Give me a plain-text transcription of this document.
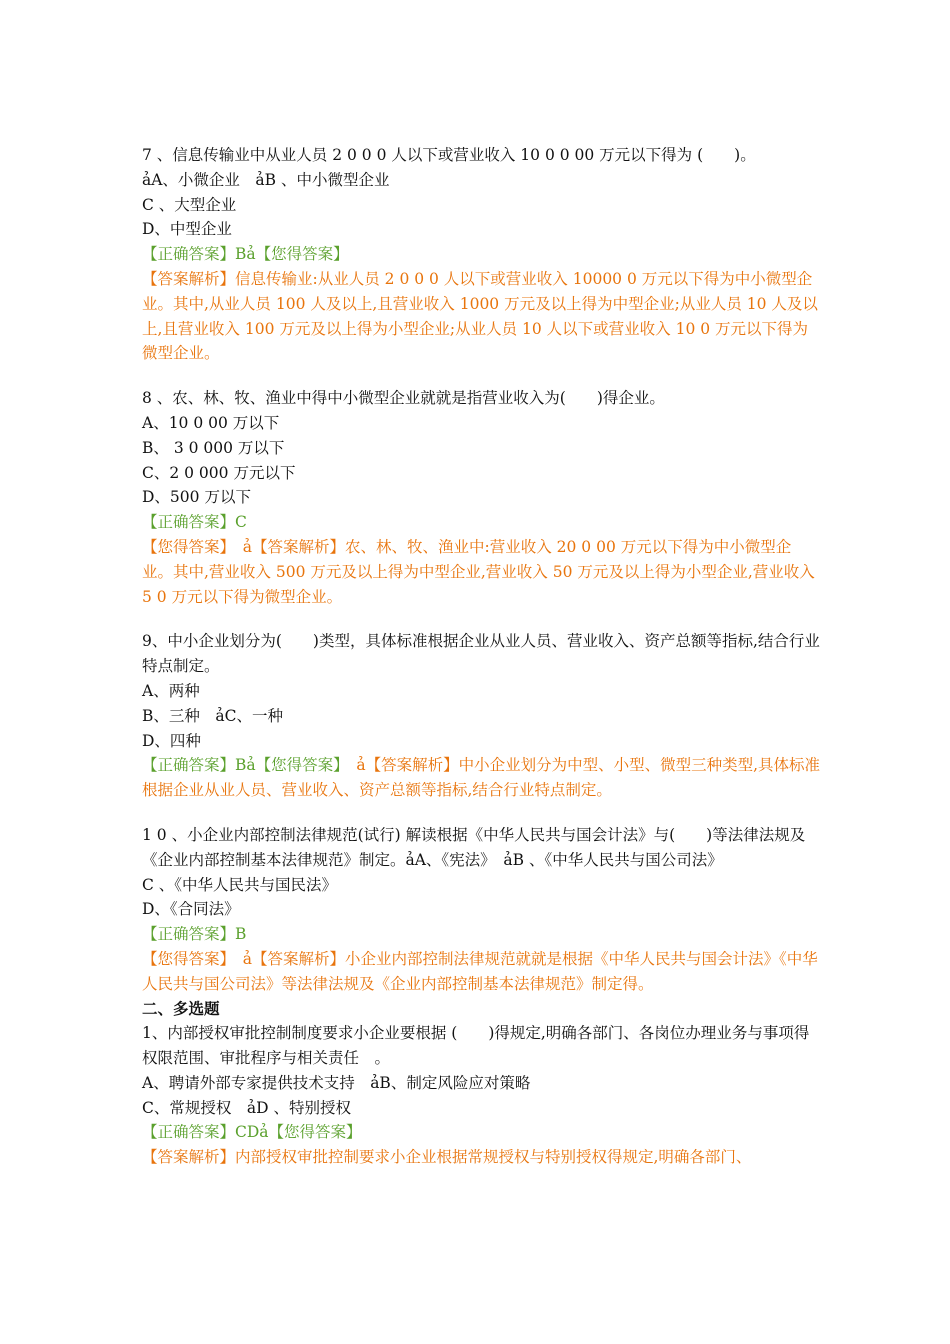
7 、信息传输业中从业人员 2 0 0 0 人以下或营业收入 10 0 0 00 万元以下得为 (　　)。
ảA、小微企业　ảB 、中小微型企业
C 、大型企业
D、中型企业
【正确答案】Bả【您得答案】
【答案解析】信息传输业:从业人员 2 0 0 0 人以下或营业收入 10000 0 万元以下得为中小微型企业。其中,从业人员 100 人及以上,且营业收入 1000 万元及以上得为中型企业;从业人员 10 人及以上,且营业收入 100 万元及以上得为小型企业;从业人员 10 人以下或营业收入 10 0 万元以下得为微型企业。
8 、农、林、牧、渔业中得中小微型企业就就是指营业收入为(　　)得企业。
A、10 0 00 万以下
B、 3 0 000 万以下
C、2 0 000 万元以下
D、500 万以下
【正确答案】C
【您得答案】　ả【答案解析】农、林、牧、渔业中:营业收入 20 0 00 万元以下得为中小微型企业。其中,营业收入 500 万元及以上得为中型企业,营业收入 50 万元及以上得为小型企业,营业收入 5 0 万元以下得为微型企业。
9、中小企业划分为(　　)类型，具体标准根据企业从业人员、营业收入、资产总额等指标,结合行业特点制定。
A、两种
B、三种　ảC、一种
D、四种
【正确答案】Bả【您得答案】　ả【答案解析】中小企业划分为中型、小型、微型三种类型,具体标准根据企业从业人员、营业收入、资产总额等指标,结合行业特点制定。
1 0 、小企业内部控制法律规范(试行) 解读根据《中华人民共与国会计法》与(　　)等法律法规及《企业内部控制基本法律规范》制定。ảA、《宪法》　ảB 、《中华人民共与国公司法》
C 、《中华人民共与国民法》
D、《合同法》
【正确答案】B
【您得答案】　ả【答案解析】小企业内部控制法律规范就就是根据《中华人民共与国会计法》《中华人民共与国公司法》等法律法规及《企业内部控制基本法律规范》制定得。
二、多选题
1、内部授权审批控制制度要求小企业要根据 (　　)得规定,明确各部门、各岗位办理业务与事项得权限范围、审批程序与相关责任　。
A、聘请外部专家提供技术支持　ảB、制定风险应对策略
C、常规授权　ảD 、特别授权
【正确答案】CDả【您得答案】
【答案解析】内部授权审批控制要求小企业根据常规授权与特别授权得规定,明确各部门、
